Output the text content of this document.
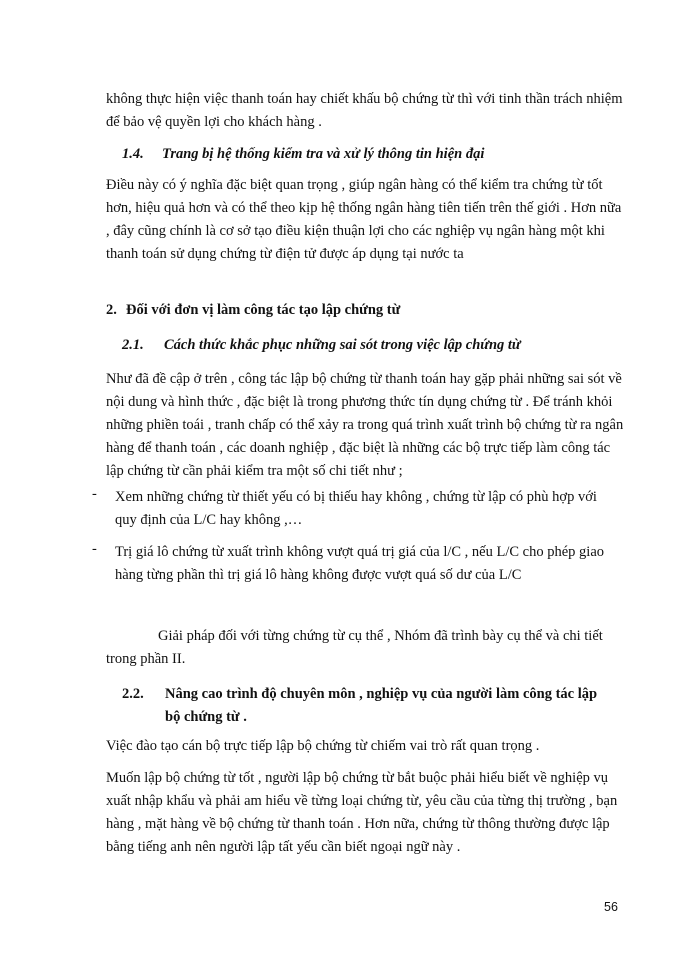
không thực hiện việc thanh toán hay chiết khấu bộ chứng từ thì với tinh thần trách nhiệm để bảo vệ quyền lợi cho khách hàng .

1.4. Trang bị hệ thống kiểm tra và xử lý thông tin hiện đại

Điều này có ý nghĩa đặc biệt quan trọng , giúp ngân hàng có thể kiểm tra chứng từ tốt hơn, hiệu quả hơn và có thể theo kịp hệ thống ngân hàng tiên tiến trên thế giới . Hơn nữa , đây cũng chính là cơ sở tạo điều kiện thuận lợi cho các nghiệp vụ ngân hàng một khi thanh toán sử dụng chứng từ điện tử được áp dụng tại nước ta

2. Đối với đơn vị làm công tác tạo lập chứng từ
2.1. Cách thức khắc phục những sai sót trong việc lập chứng từ

Như đã đề cập ở trên , công tác lập bộ chứng từ thanh toán hay gặp phải những sai sót về nội dung và hình thức , đặc biệt là trong phương thức tín dụng chứng từ . Để tránh khỏi những phiền toái , tranh chấp có thể xảy ra trong quá trình xuất trình bộ chứng từ ra ngân hàng để thanh toán , các doanh nghiệp , đặc biệt là những các bộ trực tiếp làm công tác lập chứng từ cần phải kiểm tra một số chi tiết như ;

- Xem những chứng từ thiết yếu có bị thiếu hay không , chứng từ lập có phù hợp với quy định của L/C hay không ,…

- Trị giá lô chứng từ xuất trình không vượt quá trị giá của l/C , nếu L/C cho phép giao hàng từng phần thì trị giá lô hàng không được vượt quá số dư của L/C

Giải pháp đối với từng chứng từ cụ thể , Nhóm đã trình bày cụ thể và chi tiết trong phần II.

2.2. Nâng cao trình độ chuyên môn , nghiệp vụ của người làm công tác lập
bộ chứng từ .

Việc đào tạo cán bộ trực tiếp lập bộ chứng từ chiếm vai trò rất quan trọng .

Muốn lập bộ chứng từ tốt , người lập bộ chứng từ bắt buộc phải hiểu biết về nghiệp vụ xuất nhập khẩu và phải am hiểu về từng loại chứng từ, yêu cầu của từng thị trường , bạn hàng , mặt hàng về bộ chứng từ thanh toán . Hơn nữa, chứng từ thông thường được lập bằng tiếng anh nên người lập tất yếu cần biết ngoại ngữ này .

56
